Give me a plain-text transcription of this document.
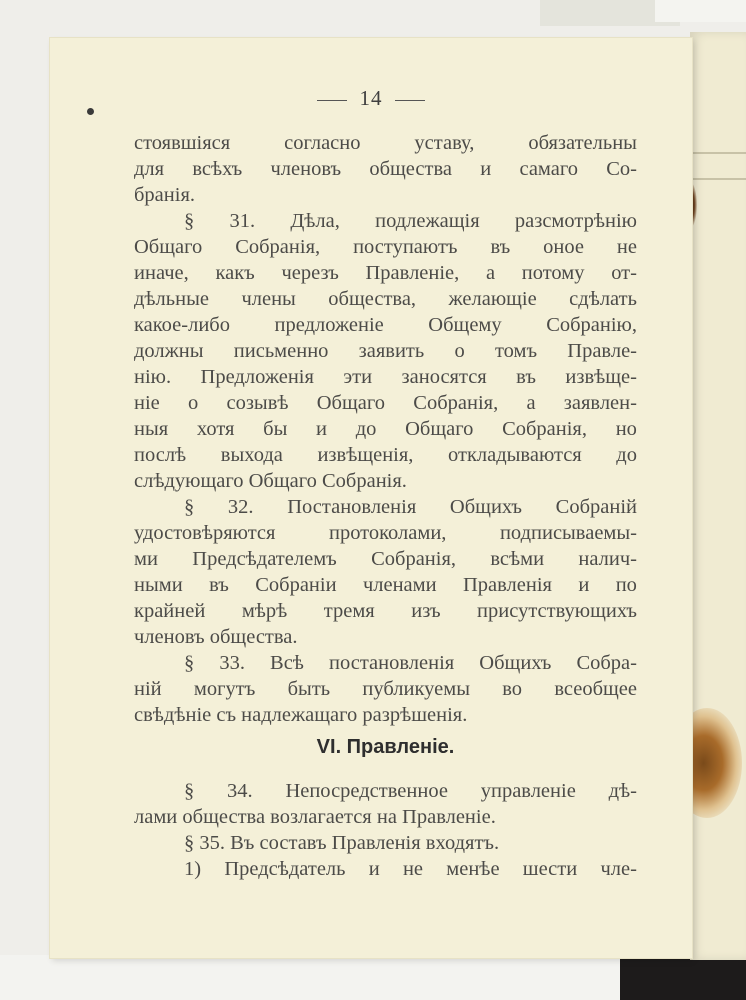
14
стоявшіяся	согласно	уставу,	обязательны
для всѣхъ членовъ общества и самаго Со-
бранія.
§ 31. Дѣла, подлежащія разсмотрѣнію
Общаго Собранія, поступаютъ въ оное не
иначе, какъ черезъ Правленіе, а потому от-
дѣльные члены общества, желающіе сдѣлать
какое-либо предложеніе Общему Собранію,
должны письменно заявить о томъ Правле-
нію. Предложенія эти заносятся въ извѣще-
ніе о созывѣ Общаго Собранія, а заявлен-
ныя хотя бы и до Общаго Собранія, но
послѣ выхода извѣщенія, откладываются до
слѣдующаго Общаго Собранія.
§ 32. Постановленія Общихъ Собраній
удостовѣряются	протоколами,	подписываемы-
ми Предсѣдателемъ Собранія, всѣми налич-
ными въ Собраніи членами Правленія и по
крайней мѣрѣ тремя изъ присутствующихъ
членовъ общества.
§ 33. Всѣ постановленія Общихъ Собра-
ній могутъ быть публикуемы во всеобщее
свѣдѣніе съ надлежащаго разрѣшенія.
VI. Правленіе.
§ 34. Непосредственное управленіе дѣ-
лами общества возлагается на Правленіе.
§ 35. Въ составъ Правленія входятъ.
1) Предсѣдатель и не менѣе шести чле-
